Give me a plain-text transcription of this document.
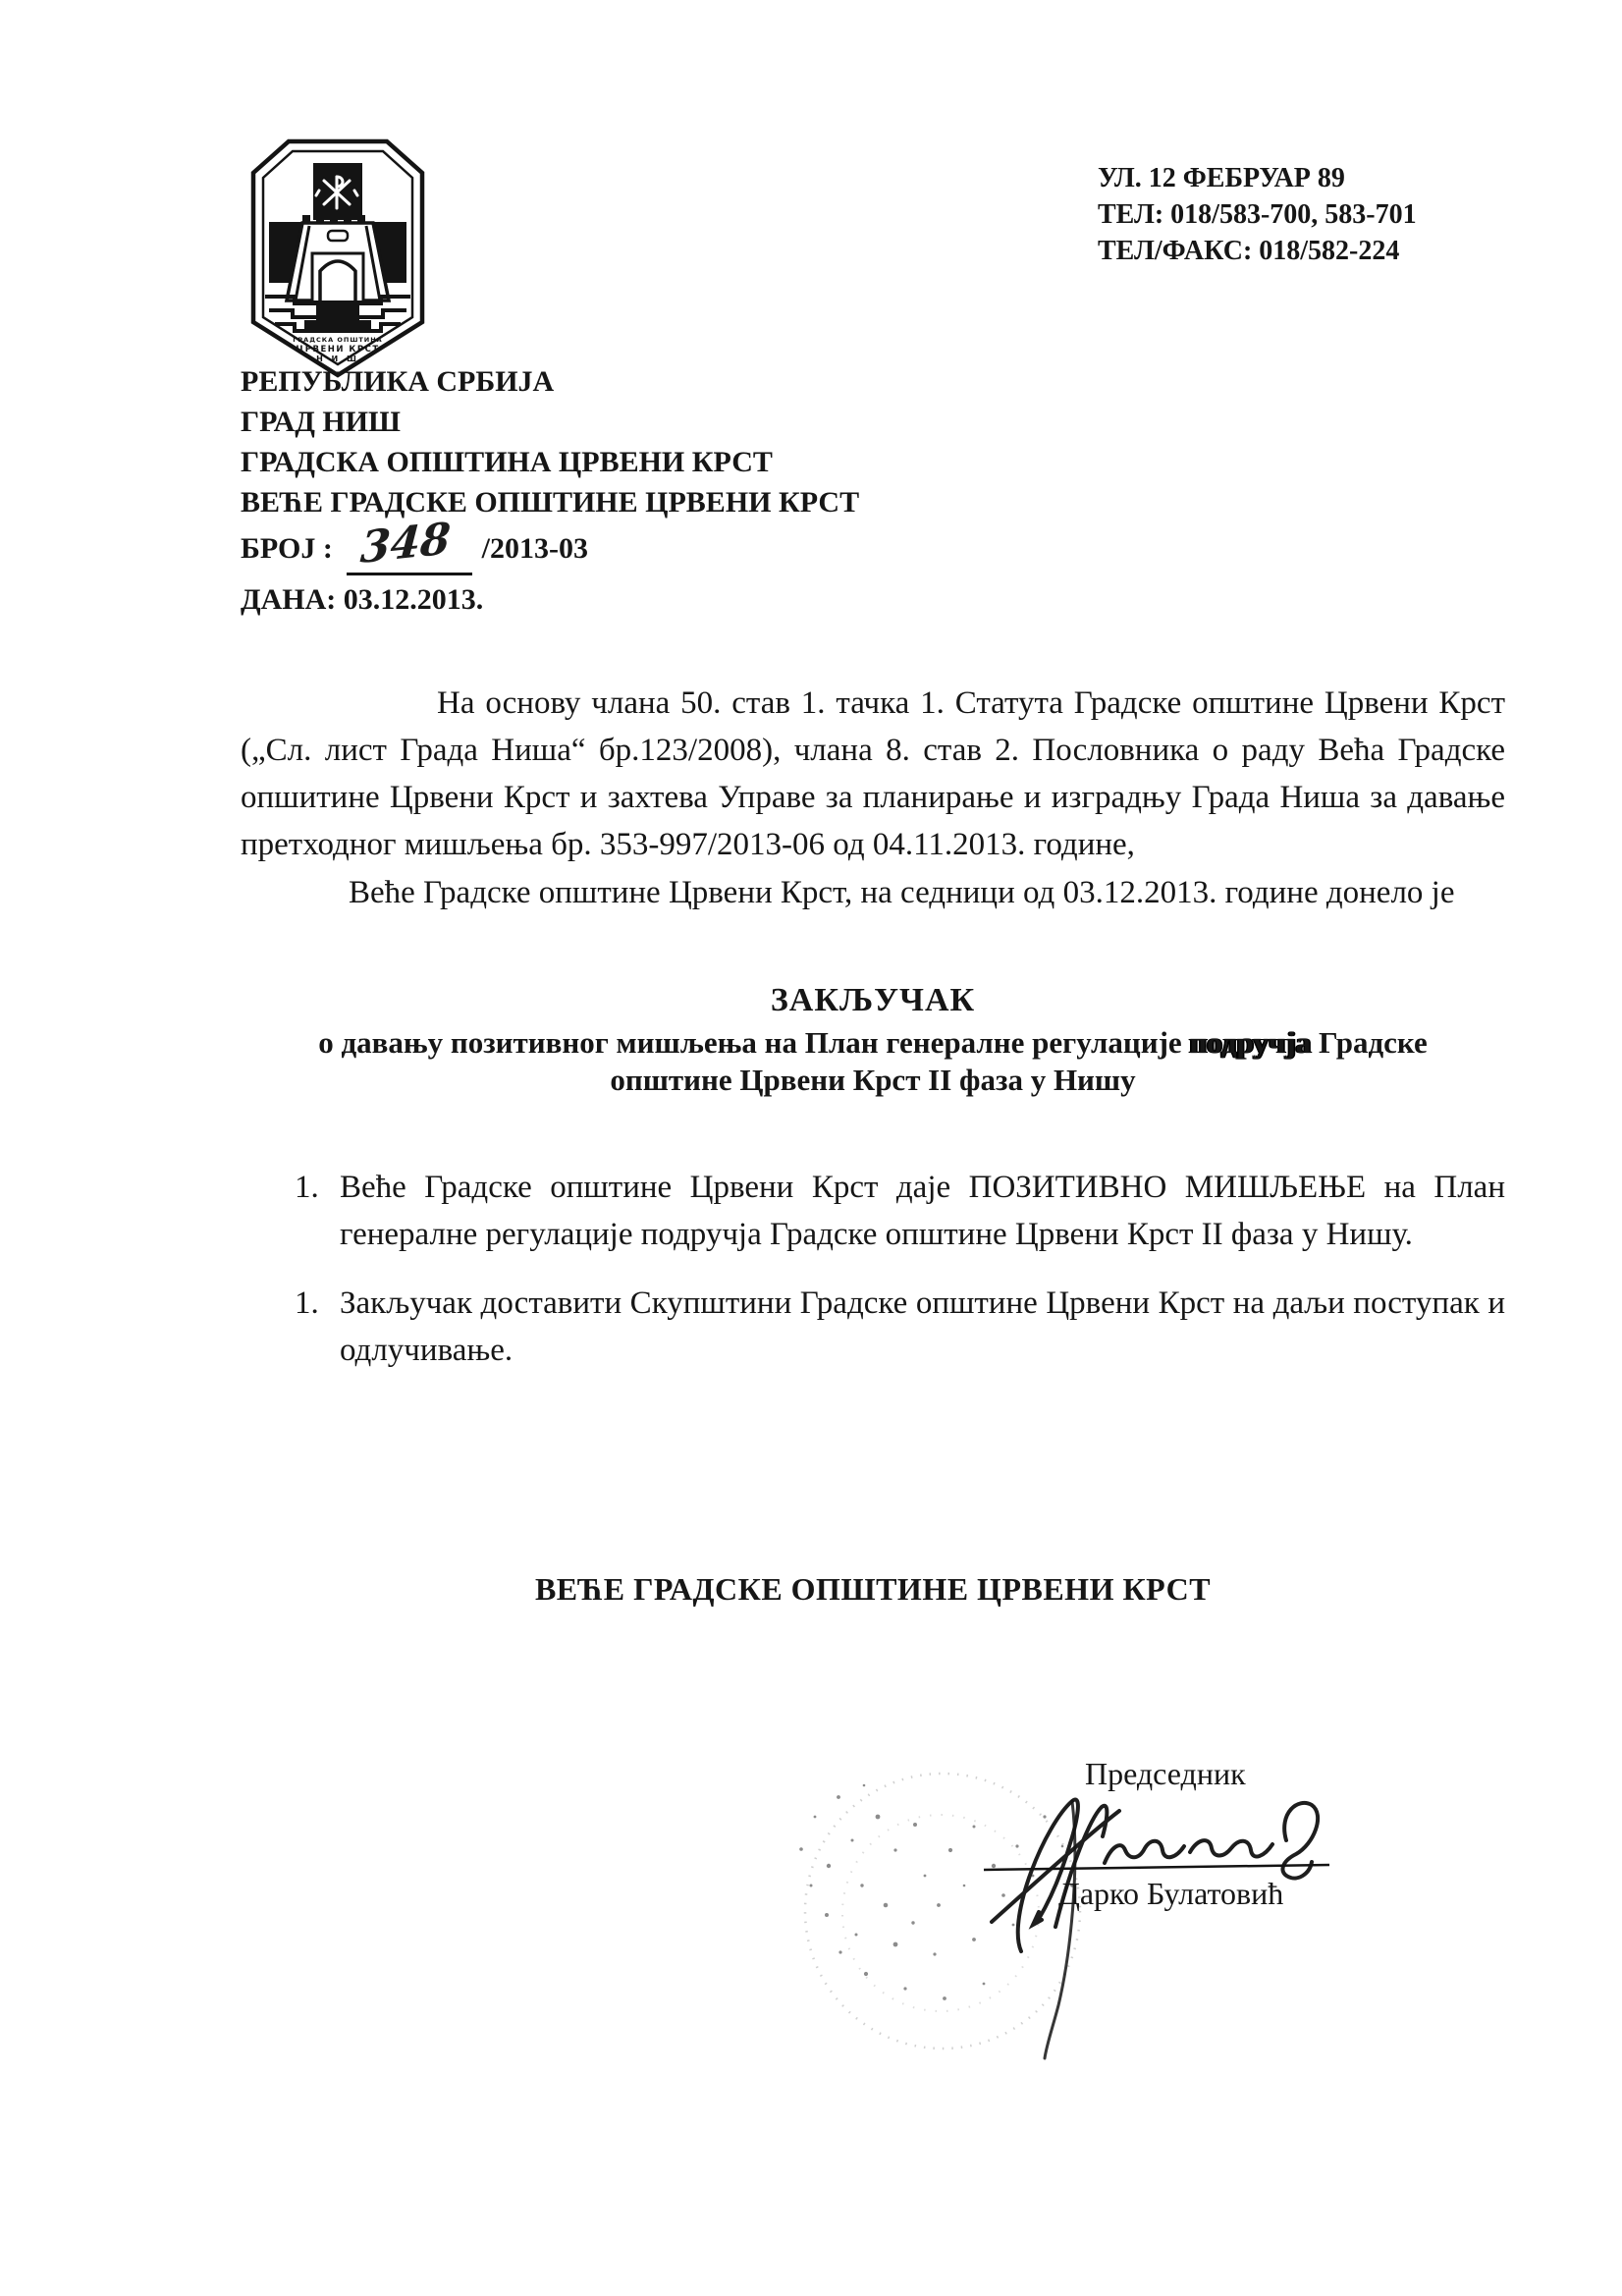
ГРАДСКА ОПШТИНА
ЦРВЕНИ КРСТ
Н И Ш
УЛ. 12 ФЕБРУАР 89
ТЕЛ: 018/583-700, 583-701
ТЕЛ/ФАКС: 018/582-224
РЕПУБЛИКА СРБИЈА
ГРАД НИШ
ГРАДСКА ОПШТИНА ЦРВЕНИ КРСТ
ВЕЋЕ ГРАДСКЕ ОПШТИНЕ ЦРВЕНИ КРСТ
БРОЈ : 348 /2013-03
ДАНА: 03.12.2013.
На основу члана 50. став 1. тачка 1. Статута Градске општине Црвени Крст
(„Сл. лист Града Ниша“ бр.123/2008), члана 8. став 2. Пословника о раду Већа Градске
опшитине Црвени Крст и захтева Управе за планирање и изградњу Града Ниша за давање
претходног мишљења бр. 353-997/2013-06 од 04.11.2013. године,
Веће Градске општине Црвени Крст, на седници од 03.12.2013. године донело је
ЗАКЉУЧАК
о давању позитивног мишљења на План генералне регулације подручја Градске
општине Црвени Крст II фаза у Нишу
1. Веће Градске општине Црвени Крст даје ПОЗИТИВНО МИШЉЕЊЕ на План
генералне регулације подручја Градске општине Црвени Крст II фаза у Нишу.
1. Закључак доставити Скупштини Градске општине Црвени Крст на даљи поступак и
одлучивање.
ВЕЋЕ ГРАДСКЕ ОПШТИНЕ ЦРВЕНИ КРСТ
Председник
Дарко Булатовић
